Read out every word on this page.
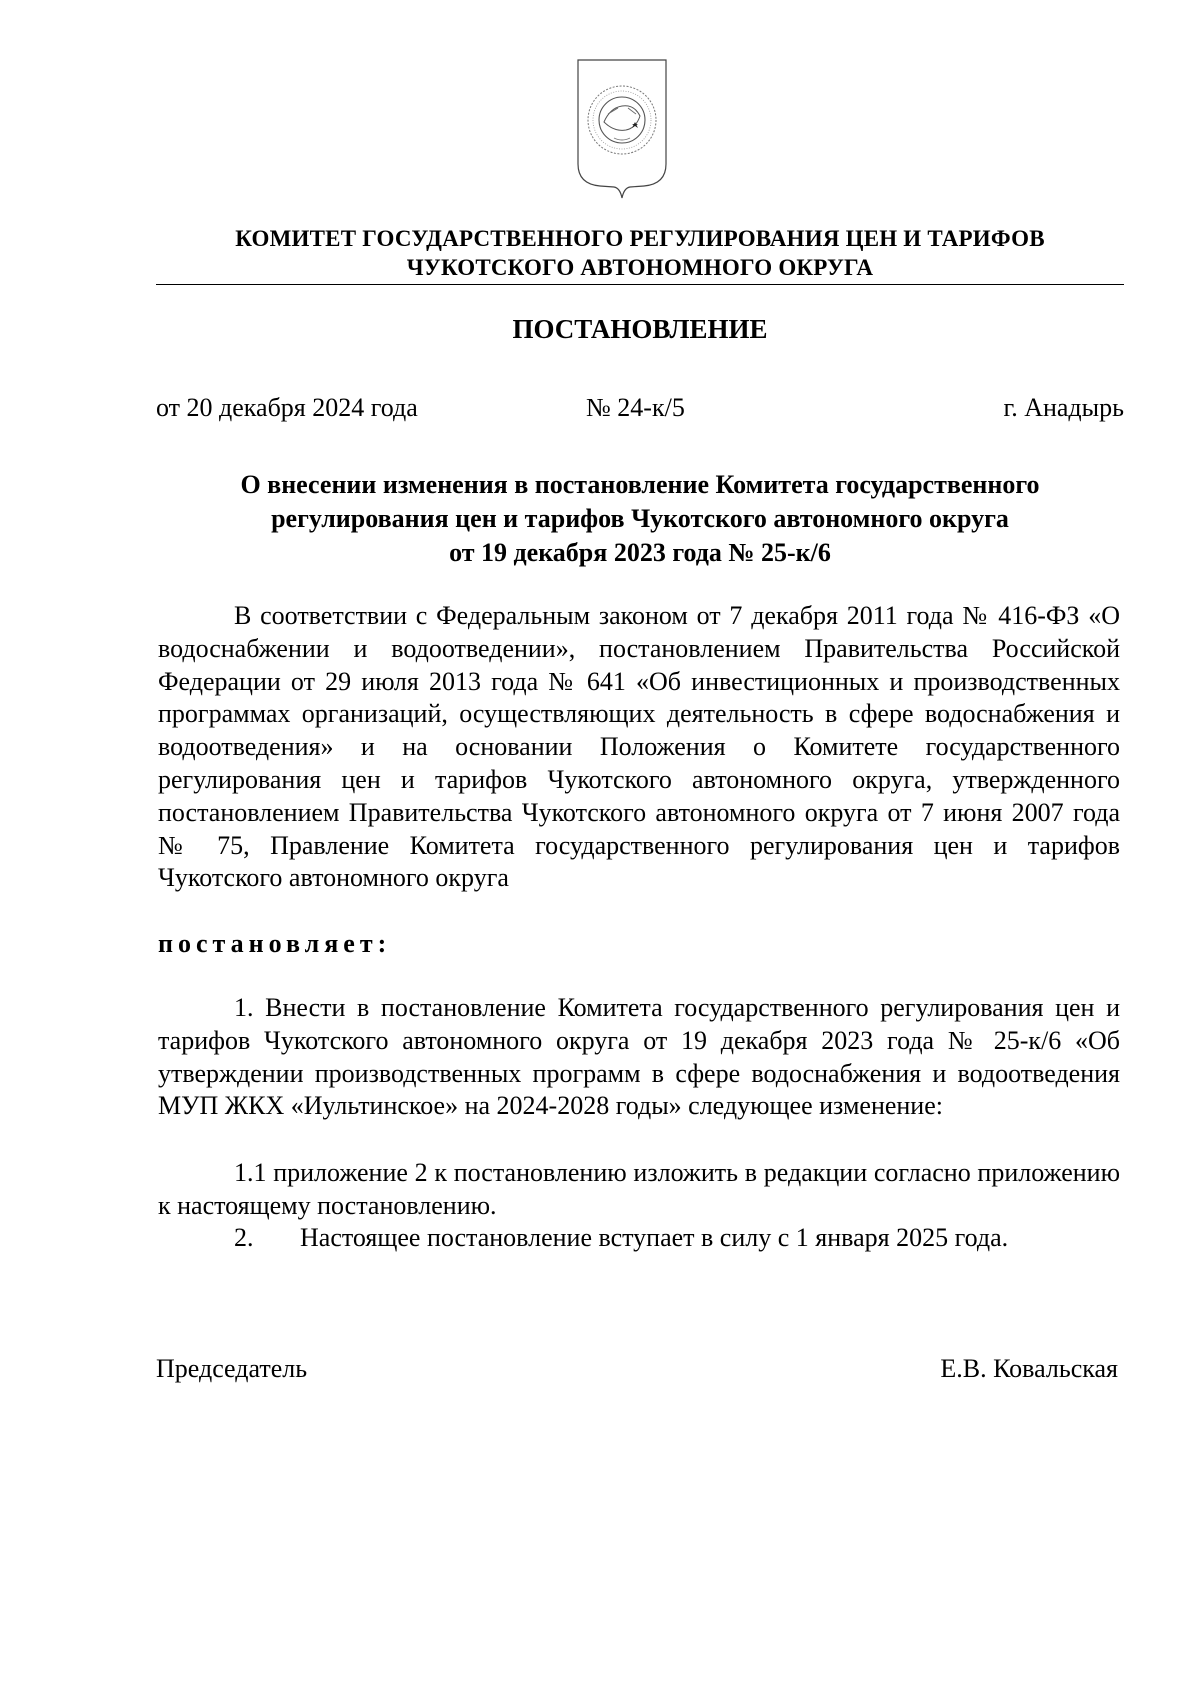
КОМИТЕТ ГОСУДАРСТВЕННОГО РЕГУЛИРОВАНИЯ ЦЕН И ТАРИФОВ
ЧУКОТСКОГО АВТОНОМНОГО ОКРУГА
ПОСТАНОВЛЕНИЕ
от 20 декабря 2024 года	№ 24-к/5	г. Анадырь
О внесении изменения в постановление Комитета государственного
регулирования цен и тарифов Чукотского автономного округа
от 19 декабря 2023 года № 25-к/6
В соответствии с Федеральным законом от 7 декабря 2011 года № 416-ФЗ «О водоснабжении и водоотведении», постановлением Правительства Российской Федерации от 29 июля 2013 года № 641 «Об инвестиционных и производственных программах организаций, осуществляющих деятельность в сфере водоснабжения и водоотведения» и на основании Положения о Комитете государственного регулирования цен и тарифов Чукотского автономного округа, утвержденного постановлением Правительства Чукотского автономного округа от 7 июня 2007 года № 75, Правление Комитета государственного регулирования цен и тарифов Чукотского автономного округа
постановляет:
1. Внести в постановление Комитета государственного регулирования цен и тарифов Чукотского автономного округа от 19 декабря 2023 года № 25-к/6 «Об утверждении производственных программ в сфере водоснабжения и водоотведения МУП ЖКХ «Иультинское» на 2024-2028 годы» следующее изменение:
1.1 приложение 2 к постановлению изложить в редакции согласно приложению к настоящему постановлению.
2. Настоящее постановление вступает в силу с 1 января 2025 года.
Председатель	Е.В. Ковальская
